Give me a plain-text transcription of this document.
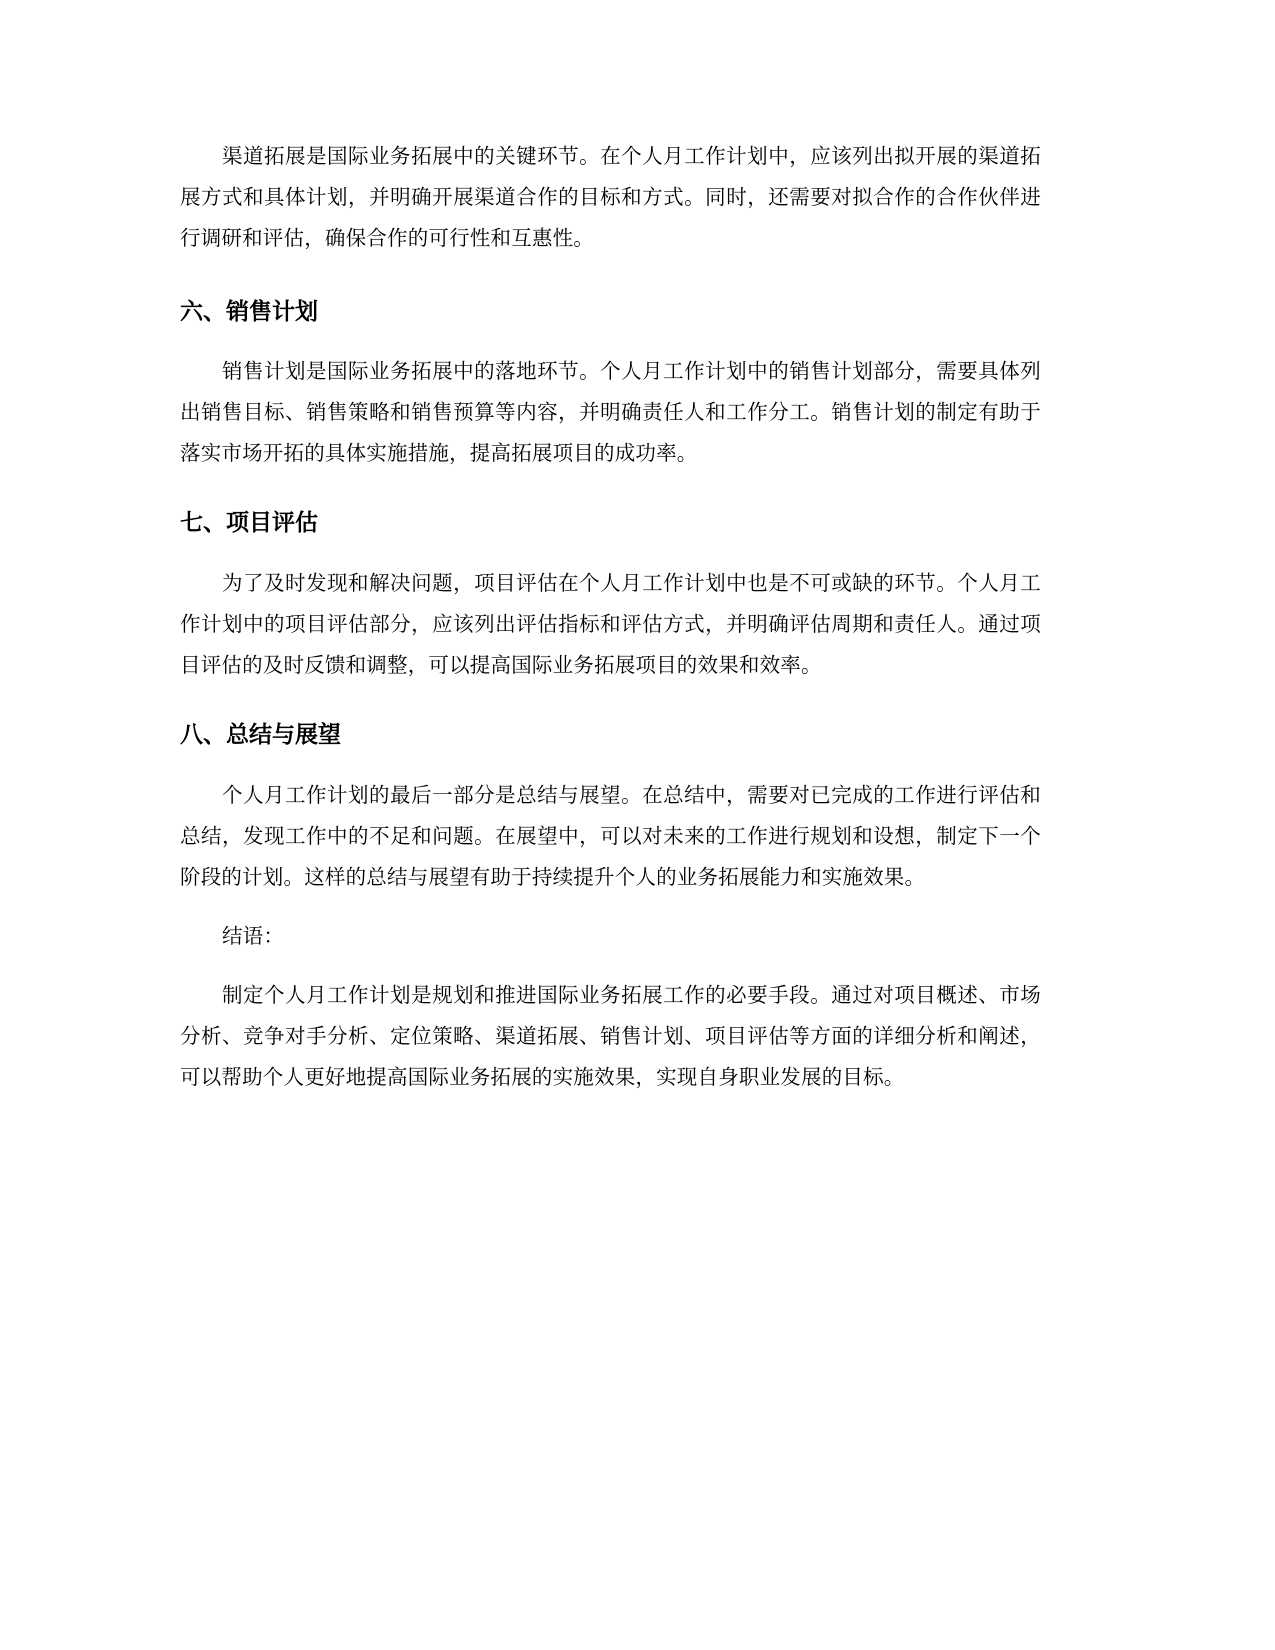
渠道拓展是国际业务拓展中的关键环节。在个人月工作计划中，应该列出拟开展的渠道拓展方式和具体计划，并明确开展渠道合作的目标和方式。同时，还需要对拟合作的合作伙伴进行调研和评估，确保合作的可行性和互惠性。

六、销售计划

销售计划是国际业务拓展中的落地环节。个人月工作计划中的销售计划部分，需要具体列出销售目标、销售策略和销售预算等内容，并明确责任人和工作分工。销售计划的制定有助于落实市场开拓的具体实施措施，提高拓展项目的成功率。

七、项目评估

为了及时发现和解决问题，项目评估在个人月工作计划中也是不可或缺的环节。个人月工作计划中的项目评估部分，应该列出评估指标和评估方式，并明确评估周期和责任人。通过项目评估的及时反馈和调整，可以提高国际业务拓展项目的效果和效率。

八、总结与展望

个人月工作计划的最后一部分是总结与展望。在总结中，需要对已完成的工作进行评估和总结，发现工作中的不足和问题。在展望中，可以对未来的工作进行规划和设想，制定下一个阶段的计划。这样的总结与展望有助于持续提升个人的业务拓展能力和实施效果。

结语：

制定个人月工作计划是规划和推进国际业务拓展工作的必要手段。通过对项目概述、市场分析、竞争对手分析、定位策略、渠道拓展、销售计划、项目评估等方面的详细分析和阐述，可以帮助个人更好地提高国际业务拓展的实施效果，实现自身职业发展的目标。
